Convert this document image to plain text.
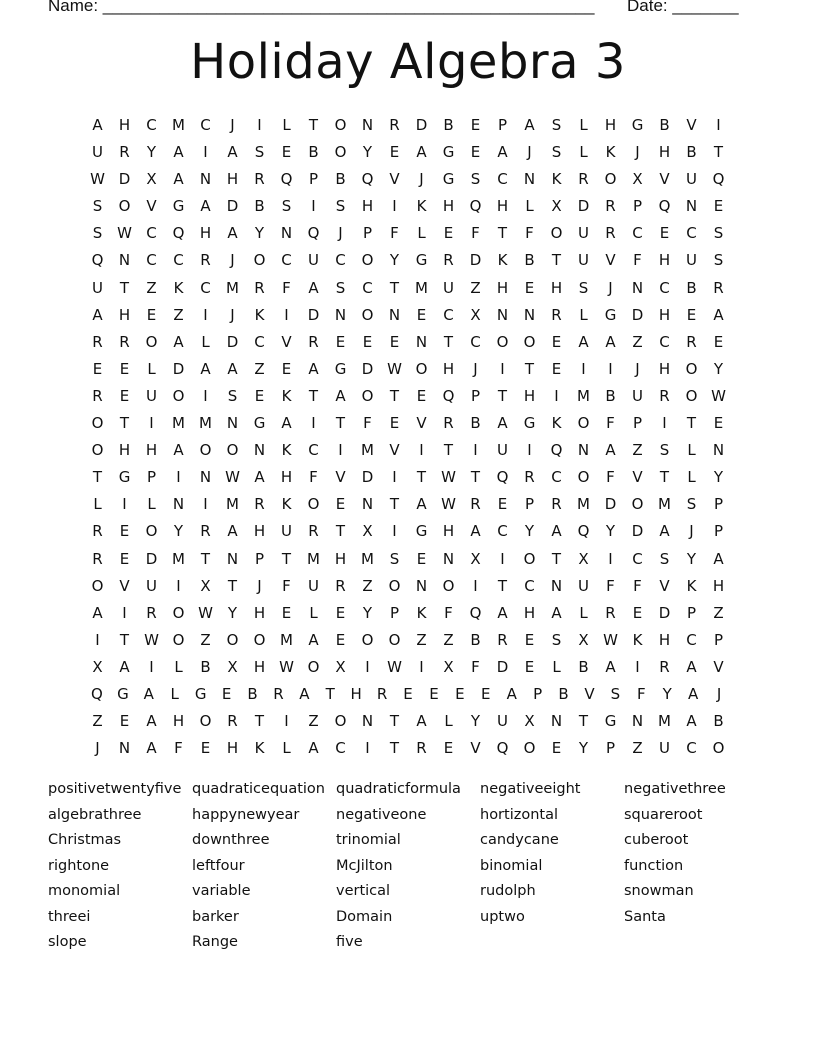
Name: ____________________________________________________ Date: _______
Holiday Algebra 3
A	H	C	M	C	J	I	L	T	O	N	R	D	B	E	P	A	S	L	H	G	B	V	I
U	R	Y	A	I	A	S	E	B	O	Y	E	A	G	E	A	J	S	L	K	J	H	B	T
W D	X	A	N	H	R	Q	P	B	Q	V	J	G	S	C	N	K	R	O	X	V	U	Q
S	O	V	G	A	D	B	S	I	S	H	I	K	H	Q	H	L	X	D	R	P	Q	N	E
S W C	Q	H	A	Y	N	Q	J	P	F	L	E	F	T	F	O	U	R	C	E	C	S
Q	N	C	C	R	J	O	C	U	C	O	Y	G	R	D	K	B	T	U	V	F	H	U	S
U	T	Z	K	C	M	R	F	A	S	C	T	M	U	Z	H	E	H	S	J	N	C	B	R
A	H	E	Z	I	J	K	I	D	N	O	N	E	C	X	N	N	R	L	G	D	H	E	A
R	R	O	A	L	D	C	V	R	E	E	E	N	T	C	O	O	E	A	A	Z	C	R	E
E	E	L	D	A	A	Z	E	A	G	D W O	H	J	I	T	E	I	I	J	H	O	Y
R	E	U	O	I	S	E	K	T	A	O	T	E	Q	P	T	H	I	M	B	U	R	O W
O	T	I	M M N	G	A	I	T	F	E	V	R	B	A	G	K	O	F	P	I	T	E
O	H	H	A	O	O	N	K	C	I	M	V	I	T	I	U	I	Q	N	A	Z	S	L	N
T	G	P	I	N W A	H	F	V	D	I	T	W T	Q	R	C	O	F	V	T	L	Y
L	I	L	N	I	M	R	K	O	E	N	T	A W R	E	P	R	M D	O M	S	P
R	E	O	Y	R	A	H	U	R	T	X	I	G	H	A	C	Y	A	Q	Y	D	A	J	P
R	E	D M	T	N	P	T	M H M	S	E	N	X	I	O	T	X	I	C	S	Y	A
O	V	U	I	X	T	J	F	U	R	Z	O	N	O	I	T	C	N	U	F	F	V	K	H
A	I	R	O W Y	H	E	L	E	Y	P	K	F	Q	A	H	A	L	R	E	D	P	Z
I	T	W O	Z	O	O M	A	E	O	O	Z	Z	B	R	E	S	X W K	H	C	P
X	A	I	L	B	X	H W O	X	I	W	I	X	F	D	E	L	B	A	I	R	A	V
Q G A	L	G	E	B	R	A	T	H	R	E	E	E	E	A	P	B	V	S	F	Y	A	J
Z	E	A	H	O	R	T	I	Z	O	N	T	A	L	Y	U	X	N	T	G	N M	A	B
J	N	A	F	E	H	K	L	A	C	I	T	R	E	V	Q	O	E	Y	P	Z	U	C	O
positivetwentyfive quadraticequation quadraticformula	negativeeight	negativethree
algebrathree	happynewyear	negativeone	hortizontal	squareroot
Christmas	downthree	trinomial	candycane	cuberoot
rightone	leftfour	McJilton	binomial	function
monomial	variable	vertical	rudolph	snowman
threei	barker	Domain	uptwo	Santa
slope	Range	five
